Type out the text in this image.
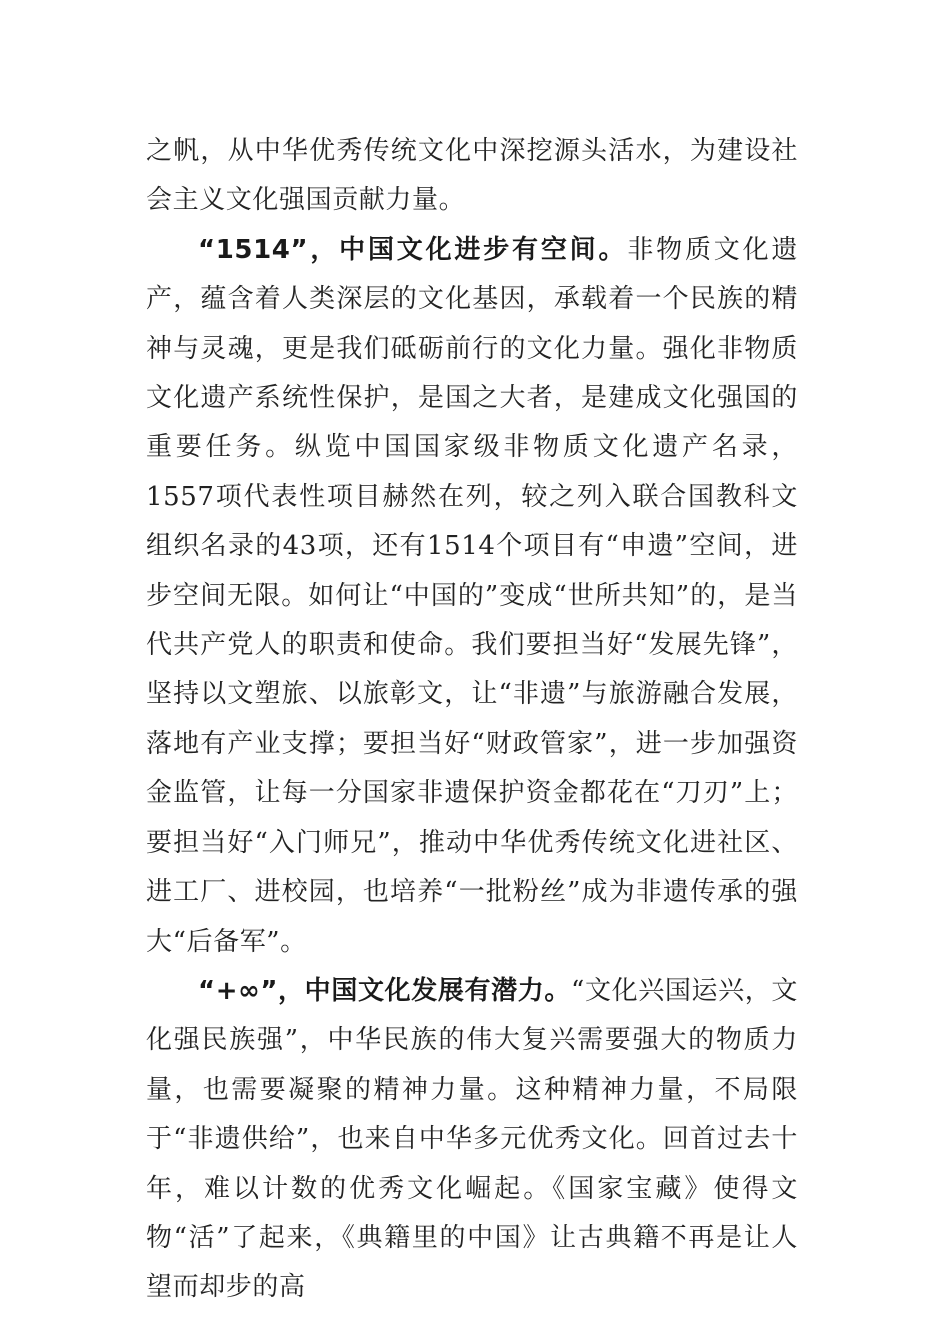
之帆，从中华优秀传统文化中深挖源头活水，为建设社会主义文化强国贡献力量。

“1514”，中国文化进步有空间。非物质文化遗产，蕴含着人类深层的文化基因，承载着一个民族的精神与灵魂，更是我们砥砺前行的文化力量。强化非物质文化遗产系统性保护，是国之大者，是建成文化强国的重要任务。纵览中国国家级非物质文化遗产名录，1557项代表性项目赫然在列，较之列入联合国教科文组织名录的43项，还有1514个项目有“申遗”空间，进步空间无限。如何让“中国的”变成“世所共知”的，是当代共产党人的职责和使命。我们要担当好“发展先锋”，坚持以文塑旅、以旅彰文，让“非遗”与旅游融合发展，落地有产业支撑；要担当好“财政管家”，进一步加强资金监管，让每一分国家非遗保护资金都花在“刀刃”上；要担当好“入门师兄”，推动中华优秀传统文化进社区、进工厂、进校园，也培养“一批粉丝”成为非遗传承的强大“后备军”。

“+∞”，中国文化发展有潜力。“文化兴国运兴，文化强民族强”，中华民族的伟大复兴需要强大的物质力量，也需要凝聚的精神力量。这种精神力量，不局限于“非遗供给”，也来自中华多元优秀文化。回首过去十年，难以计数的优秀文化崛起。《国家宝藏》使得文物“活”了起来，《典籍里的中国》让古典籍不再是让人望而却步的高
